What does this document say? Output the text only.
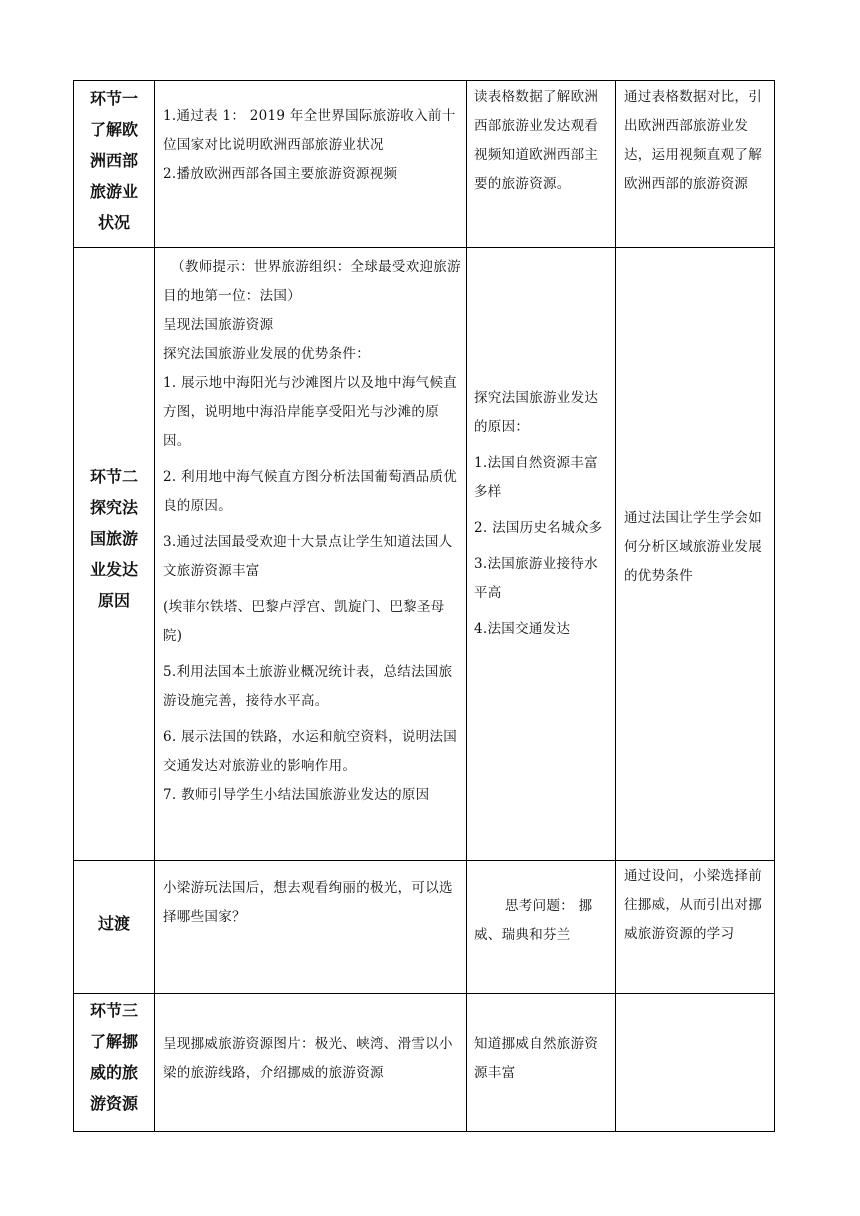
环节一
了解欧
洲西部
旅游业
状况

1.通过表 1： 2019 年全世界国际旅游收入前十位国家对比说明欧洲西部旅游业状况

2.播放欧洲西部各国主要旅游资源视频

读表格数据了解欧洲西部旅游业发达观看视频知道欧洲西部主要的旅游资源。

通过表格数据对比，引出欧洲西部旅游业发达，运用视频直观了解欧洲西部的旅游资源

环节二
探究法
国旅游
业发达
原因

（教师提示：世界旅游组织：全球最受欢迎旅游目的地第一位：法国）

呈现法国旅游资源

探究法国旅游业发展的优势条件：

1. 展示地中海阳光与沙滩图片以及地中海气候直方图，说明地中海沿岸能享受阳光与沙滩的原因。

2. 利用地中海气候直方图分析法国葡萄酒品质优良的原因。

3.通过法国最受欢迎十大景点让学生知道法国人文旅游资源丰富

(埃菲尔铁塔、巴黎卢浮宫、凯旋门、巴黎圣母院)

5.利用法国本土旅游业概况统计表，总结法国旅游设施完善，接待水平高。

6. 展示法国的铁路，水运和航空资料，说明法国交通发达对旅游业的影响作用。

7. 教师引导学生小结法国旅游业发达的原因

探究法国旅游业发达的原因：

1.法国自然资源丰富多样

2. 法国历史名城众多

3.法国旅游业接待水平高

4.法国交通发达

通过法国让学生学会如何分析区域旅游业发展的优势条件

过渡

小梁游玩法国后，想去观看绚丽的极光，可以选择哪些国家？

思考问题： 挪威、瑞典和芬兰

通过设问，小梁选择前往挪威，从而引出对挪威旅游资源的学习

环节三
了解挪
威的旅
游资源

呈现挪威旅游资源图片：极光、峡湾、滑雪以小梁的旅游线路，介绍挪威的旅游资源

知道挪威自然旅游资源丰富
